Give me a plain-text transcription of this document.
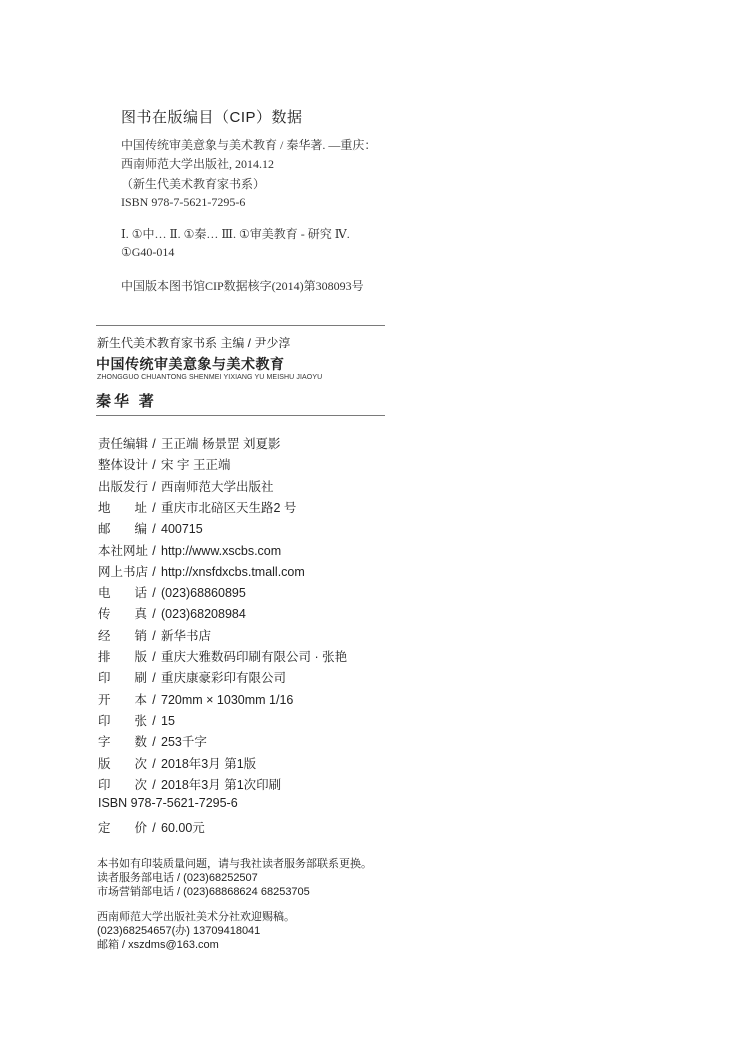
图书在版编目（CIP）数据
中国传统审美意象与美术教育 / 秦华著. —重庆：
西南师范大学出版社, 2014.12
（新生代美术教育家书系）
ISBN 978-7-5621-7295-6
Ⅰ. ①中… Ⅱ. ①秦… Ⅲ. ①审美教育 - 研究 Ⅳ.
①G40-014
中国版本图书馆CIP数据核字(2014)第308093号
新生代美术教育家书系 主编 / 尹少淳
中国传统审美意象与美术教育
ZHONGGUO CHUANTONG SHENMEI YIXIANG YU MEISHU JIAOYU
秦华 著
责任编辑 / 王正端 杨景罡 刘夏影
整体设计 / 宋 宇 王正端
出版发行 / 西南师范大学出版社
地址 / 重庆市北碚区天生路2 号
邮编 / 400715
本社网址 / http://www.xscbs.com
网上书店 / http://xnsfdxcbs.tmall.com
电话 / (023)68860895
传真 / (023)68208984
经销 / 新华书店
排版 / 重庆大雅数码印刷有限公司 · 张艳
印刷 / 重庆康豪彩印有限公司
开本 / 720mm × 1030mm 1/16
印张 / 15
字数 / 253千字
版次 / 2018年3月 第1版
印次 / 2018年3月 第1次印刷
ISBN 978-7-5621-7295-6
定价 / 60.00元
本书如有印装质量问题，请与我社读者服务部联系更换。
读者服务部电话 / (023)68252507
市场营销部电话 / (023)68868624 68253705
西南师范大学出版社美术分社欢迎赐稿。
(023)68254657(办) 13709418041
邮箱 / xszdms@163.com
